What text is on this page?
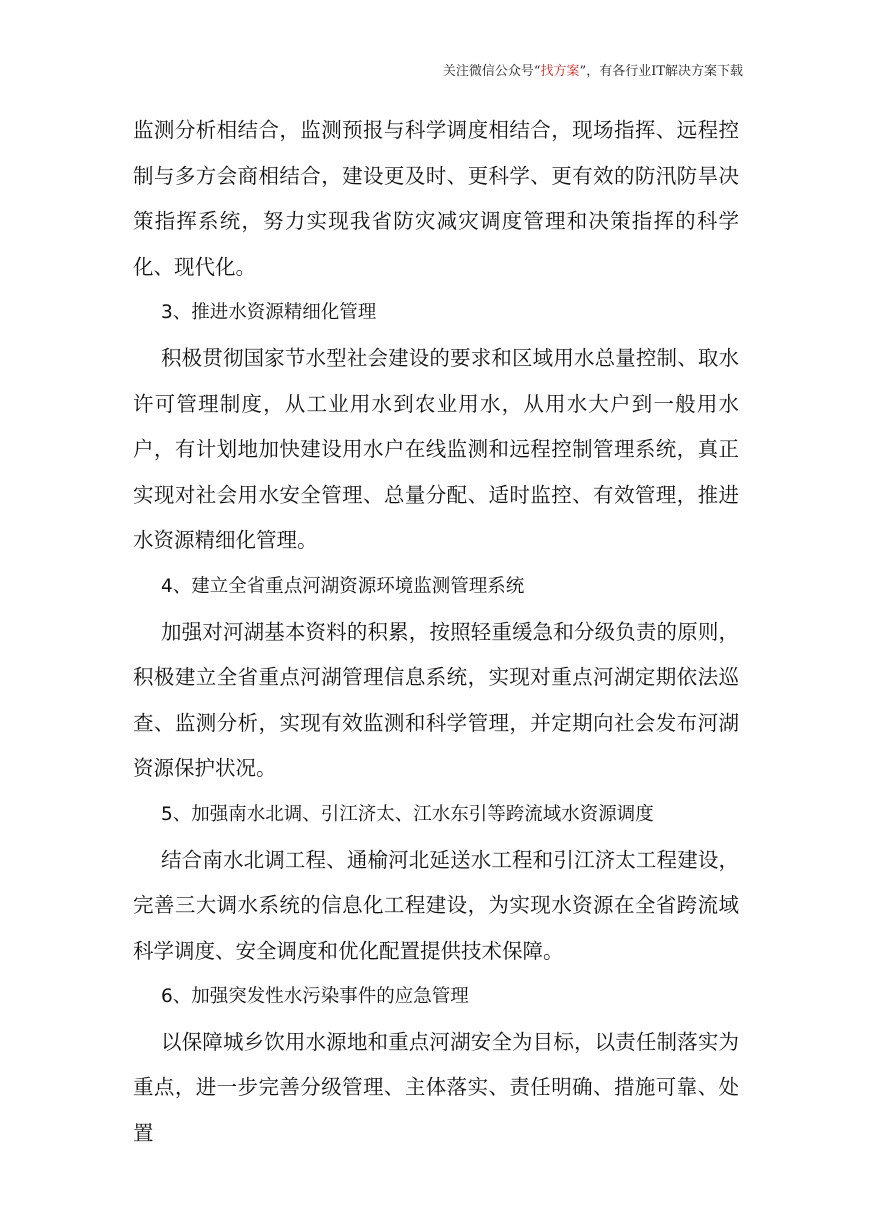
关注微信公众号“找方案”，有各行业IT解决方案下载

监测分析相结合，监测预报与科学调度相结合，现场指挥、远程控制与多方会商相结合，建设更及时、更科学、更有效的防汛防旱决策指挥系统，努力实现我省防灾减灾调度管理和决策指挥的科学化、现代化。

3、推进水资源精细化管理

积极贯彻国家节水型社会建设的要求和区域用水总量控制、取水许可管理制度，从工业用水到农业用水，从用水大户到一般用水户，有计划地加快建设用水户在线监测和远程控制管理系统，真正实现对社会用水安全管理、总量分配、适时监控、有效管理，推进水资源精细化管理。

4、建立全省重点河湖资源环境监测管理系统

加强对河湖基本资料的积累，按照轻重缓急和分级负责的原则，积极建立全省重点河湖管理信息系统，实现对重点河湖定期依法巡查、监测分析，实现有效监测和科学管理，并定期向社会发布河湖资源保护状况。

5、加强南水北调、引江济太、江水东引等跨流域水资源调度

结合南水北调工程、通榆河北延送水工程和引江济太工程建设，完善三大调水系统的信息化工程建设，为实现水资源在全省跨流域科学调度、安全调度和优化配置提供技术保障。

6、加强突发性水污染事件的应急管理

以保障城乡饮用水源地和重点河湖安全为目标，以责任制落实为重点，进一步完善分级管理、主体落实、责任明确、措施可靠、处置
